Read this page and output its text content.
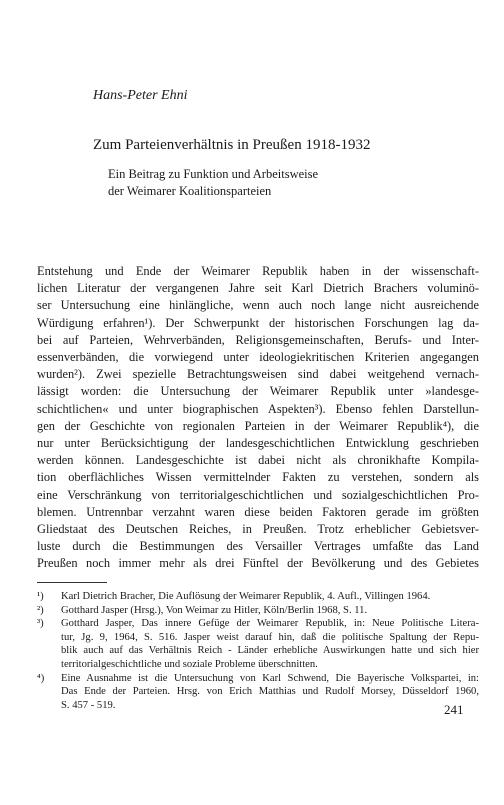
Hans-Peter Ehni
Zum Parteienverhältnis in Preußen 1918-1932
Ein Beitrag zu Funktion und Arbeitsweise
der Weimarer Koalitionsparteien
Entstehung und Ende der Weimarer Republik haben in der wissenschaft-
lichen Literatur der vergangenen Jahre seit Karl Dietrich Brachers voluminö-
ser Untersuchung eine hinlängliche, wenn auch noch lange nicht ausreichende
Würdigung erfahren¹). Der Schwerpunkt der historischen Forschungen lag da-
bei auf Parteien, Wehrverbänden, Religionsgemeinschaften, Berufs- und Inter-
essenverbänden, die vorwiegend unter ideologiekritischen Kriterien angegangen
wurden²). Zwei spezielle Betrachtungsweisen sind dabei weitgehend vernach-
lässigt worden: die Untersuchung der Weimarer Republik unter »landesge-
schichtlichen« und unter biographischen Aspekten³). Ebenso fehlen Darstellun-
gen der Geschichte von regionalen Parteien in der Weimarer Republik⁴), die
nur unter Berücksichtigung der landesgeschichtlichen Entwicklung geschrieben
werden können. Landesgeschichte ist dabei nicht als chronikhafte Kompila-
tion oberflächliches Wissen vermittelnder Fakten zu verstehen, sondern als
eine Verschränkung von territorialgeschichtlichen und sozialgeschichtlichen Pro-
blemen. Untrennbar verzahnt waren diese beiden Faktoren gerade im größten
Gliedstaat des Deutschen Reiches, in Preußen. Trotz erheblicher Gebietsver-
luste durch die Bestimmungen des Versailler Vertrages umfaßte das Land
Preußen noch immer mehr als drei Fünftel der Bevölkerung und des Gebietes
¹) Karl Dietrich Bracher, Die Auflösung der Weimarer Republik, 4. Aufl., Villingen 1964.
²) Gotthard Jasper (Hrsg.), Von Weimar zu Hitler, Köln/Berlin 1968, S. 11.
³) Gotthard Jasper, Das innere Gefüge der Weimarer Republik, in: Neue Politische Litera-
tur, Jg. 9, 1964, S. 516. Jasper weist darauf hin, daß die politische Spaltung der Repu-
blik auch auf das Verhältnis Reich - Länder erhebliche Auswirkungen hatte und sich hier
territorialgeschichtliche und soziale Probleme überschnitten.
⁴) Eine Ausnahme ist die Untersuchung von Karl Schwend, Die Bayerische Volkspartei, in:
Das Ende der Parteien. Hrsg. von Erich Matthias und Rudolf Morsey, Düsseldorf 1960,
S. 457 - 519.	241
